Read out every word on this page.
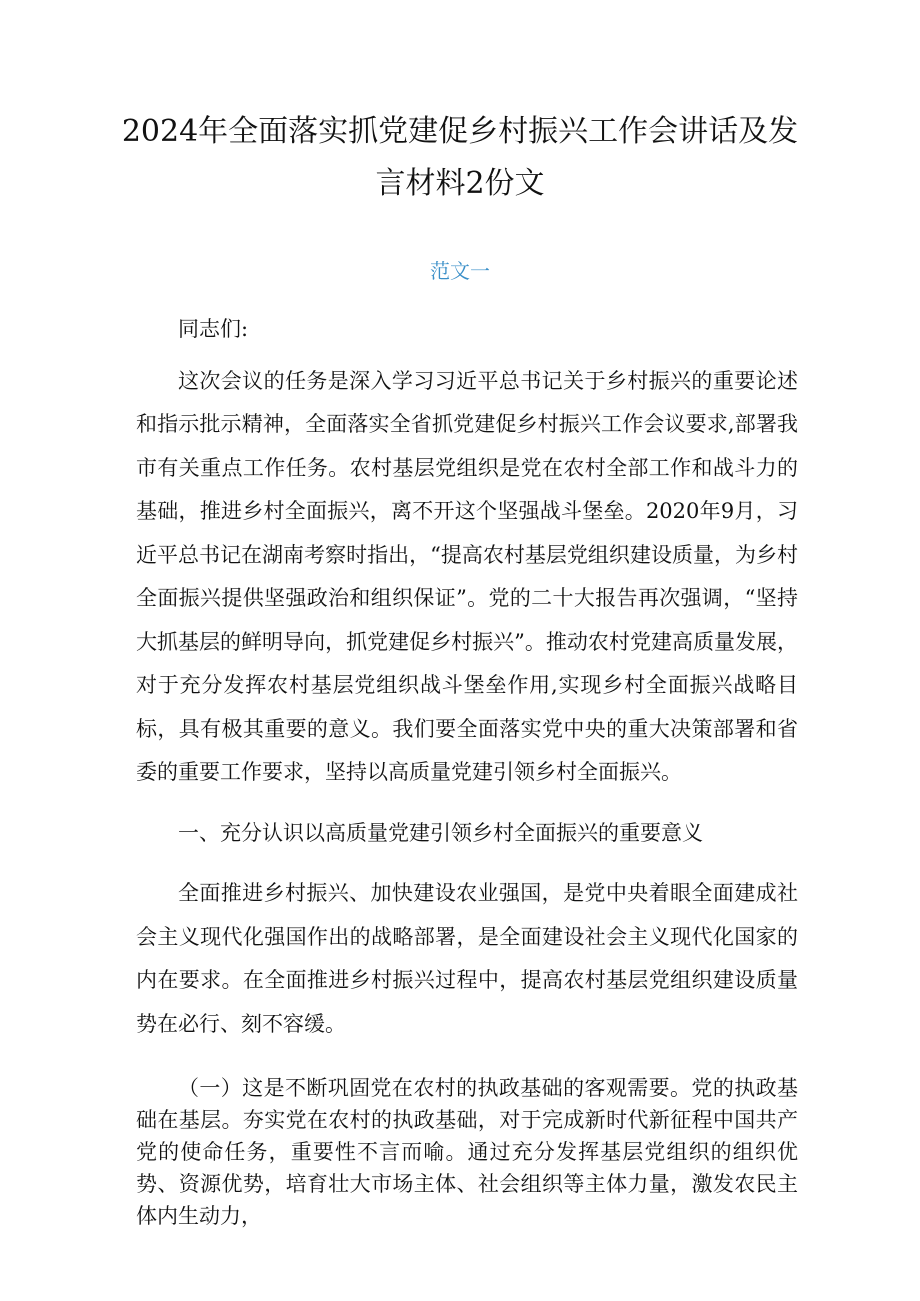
2024年全面落实抓党建促乡村振兴工作会讲话及发言材料2份文
范文一

同志们:

这次会议的任务是深入学习习近平总书记关于乡村振兴的重要论述和指示批示精神，全面落实全省抓党建促乡村振兴工作会议要求,部署我市有关重点工作任务。农村基层党组织是党在农村全部工作和战斗力的基础，推进乡村全面振兴，离不开这个坚强战斗堡垒。2020年9月，习近平总书记在湖南考察时指出，“提高农村基层党组织建设质量，为乡村全面振兴提供坚强政治和组织保证”。党的二十大报告再次强调，“坚持大抓基层的鲜明导向，抓党建促乡村振兴”。推动农村党建高质量发展，对于充分发挥农村基层党组织战斗堡垒作用,实现乡村全面振兴战略目标，具有极其重要的意义。我们要全面落实党中央的重大决策部署和省委的重要工作要求，坚持以高质量党建引领乡村全面振兴。

一、充分认识以高质量党建引领乡村全面振兴的重要意义

全面推进乡村振兴、加快建设农业强国，是党中央着眼全面建成社会主义现代化强国作出的战略部署，是全面建设社会主义现代化国家的内在要求。在全面推进乡村振兴过程中，提高农村基层党组织建设质量势在必行、刻不容缓。

（一）这是不断巩固党在农村的执政基础的客观需要。党的执政基础在基层。夯实党在农村的执政基础，对于完成新时代新征程中国共产党的使命任务，重要性不言而喻。通过充分发挥基层党组织的组织优势、资源优势，培育壮大市场主体、社会组织等主体力量，激发农民主体内生动力，
